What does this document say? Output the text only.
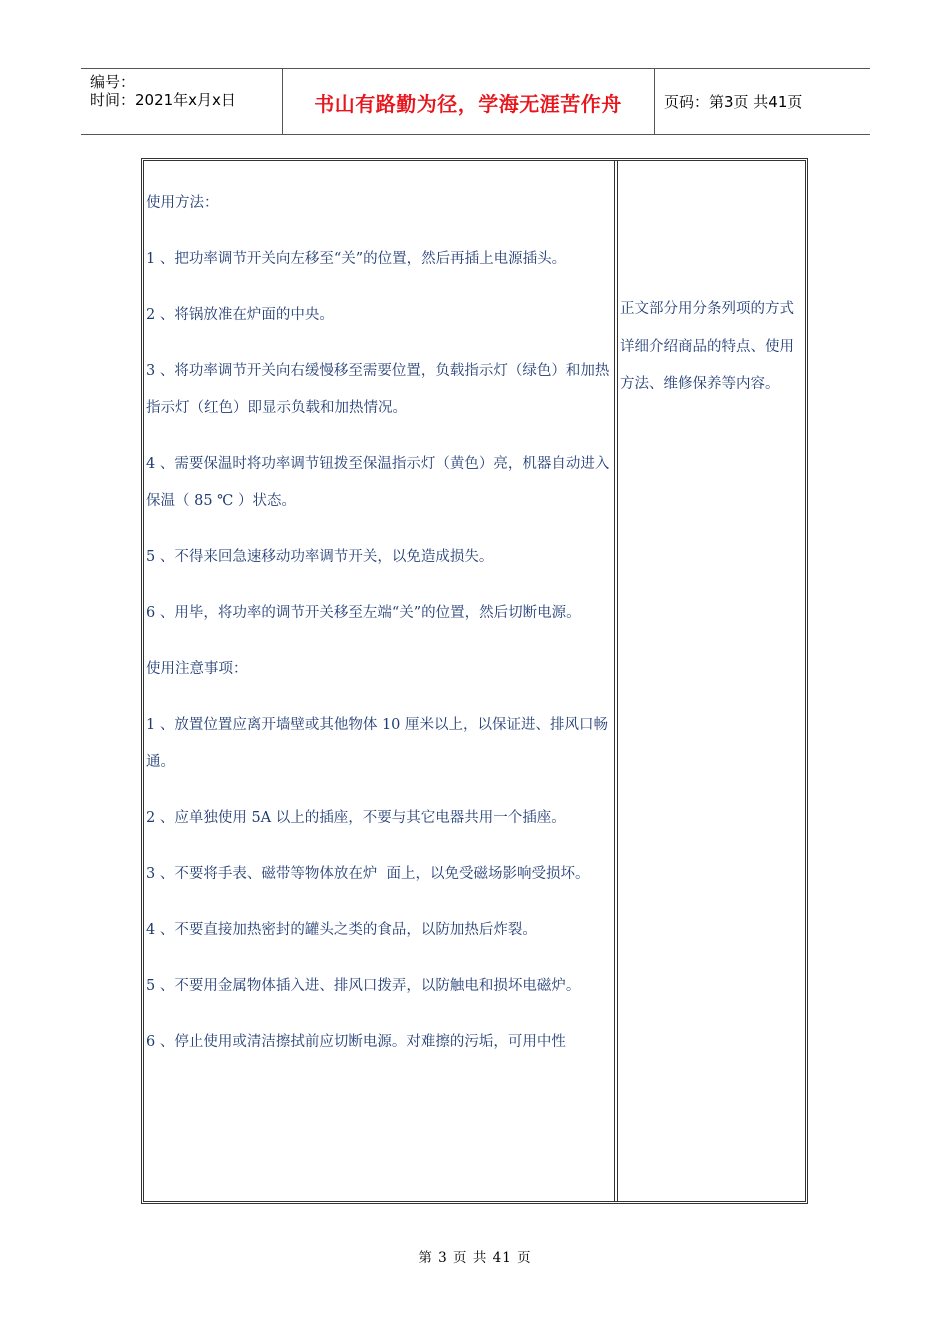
编号：
时间：2021年x月x日	书山有路勤为径，学海无涯苦作舟	页码：第3页 共41页

使用方法：

1 、把功率调节开关向左移至“关”的位置，然后再插上电源插头。

2 、将锅放准在炉面的中央。

3 、将功率调节开关向右缓慢移至需要位置，负载指示灯（绿色）和加热指示灯（红色）即显示负载和加热情况。

4 、需要保温时将功率调节钮拨至保温指示灯（黄色）亮，机器自动进入保温（ 85 ℃ ）状态。

5 、不得来回急速移动功率调节开关，以免造成损失。

6 、用毕，将功率的调节开关移至左端“关”的位置，然后切断电源。

使用注意事项：

1 、放置位置应离开墙壁或其他物体 10 厘米以上，以保证进、排风口畅通。

2 、应单独使用 5A 以上的插座，不要与其它电器共用一个插座。

3 、不要将手表、磁带等物体放在炉  面上，以免受磁场影响受损坏。

4 、不要直接加热密封的罐头之类的食品，以防加热后炸裂。

5 、不要用金属物体插入进、排风口拨弄，以防触电和损坏电磁炉。

6 、停止使用或清洁擦拭前应切断电源。对难擦的污垢，可用中性

正文部分用分条列项的方式详细介绍商品的特点、使用方法、维修保养等内容。
第 3 页 共 41 页
